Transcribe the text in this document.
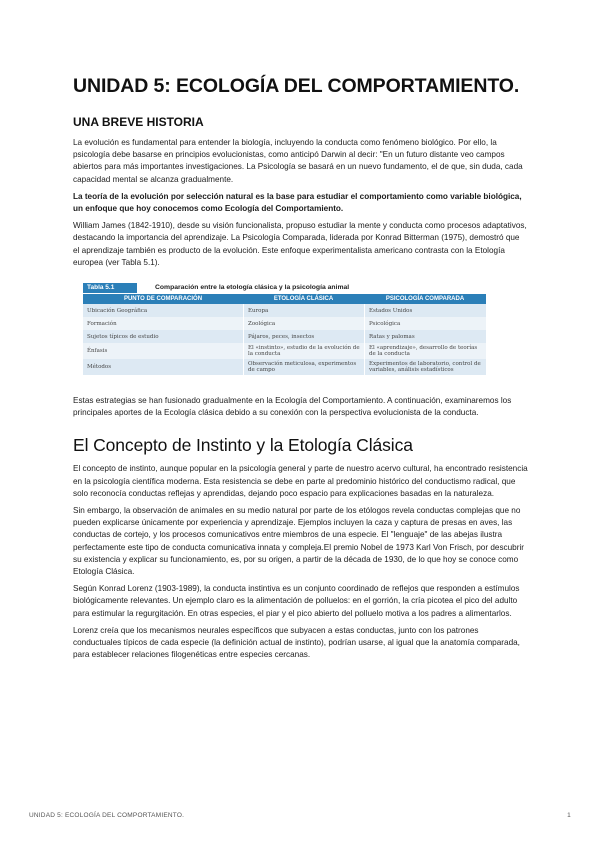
UNIDAD 5: ECOLOGÍA DEL COMPORTAMIENTO.
UNA BREVE HISTORIA

La evolución es fundamental para entender la biología, incluyendo la conducta como fenómeno biológico. Por ello, la psicología debe basarse en principios evolucionistas, como anticipó Darwin al decir: "En un futuro distante veo campos abiertos para más importantes investigaciones. La Psicología se basará en un nuevo fundamento, el de que, sin duda, cada capacidad mental se alcanza gradualmente.

La teoría de la evolución por selección natural es la base para estudiar el comportamiento como variable biológica, un enfoque que hoy conocemos como Ecología del Comportamiento.

William James (1842-1910), desde su visión funcionalista, propuso estudiar la mente y conducta como procesos adaptativos, destacando la importancia del aprendizaje. La Psicología Comparada, liderada por Konrad Bitterman (1975), demostró que el aprendizaje también es producto de la evolución. Este enfoque experimentalista americano contrasta con la Etología europea (ver Tabla 5.1).

Tabla 5.1	Comparación entre la etología clásica y la psicología animal
PUNTO DE COMPARACIÓN	ETOLOGÍA CLÁSICA	PSICOLOGÍA COMPARADA
Ubicación Geográfica	Europa	Estados Unidos
Formación	Zoológica	Psicológica
Sujetos típicos de estudio	Pájaros, peces, insectos	Ratas y palomas
Énfasis	El «instinto», estudio de la evolución de la conducta	El «aprendizaje», desarrollo de teorías de la conducta
Métodos	Observación meticulosa, experimentos de campo	Experimentos de laboratorio, control de variables, análisis estadísticos

Estas estrategias se han fusionado gradualmente en la Ecología del Comportamiento. A continuación, examinaremos los principales aportes de la Ecología clásica debido a su conexión con la perspectiva evolucionista de la conducta.

El Concepto de Instinto y la Etología Clásica

El concepto de instinto, aunque popular en la psicología general y parte de nuestro acervo cultural, ha encontrado resistencia en la psicología científica moderna. Esta resistencia se debe en parte al predominio histórico del conductismo radical, que solo reconocía conductas reflejas y aprendidas, dejando poco espacio para explicaciones basadas en la naturaleza.

Sin embargo, la observación de animales en su medio natural por parte de los etólogos revela conductas complejas que no pueden explicarse únicamente por experiencia y aprendizaje. Ejemplos incluyen la caza y captura de presas en aves, las conductas de cortejo, y los procesos comunicativos entre miembros de una especie. El "lenguaje" de las abejas ilustra perfectamente este tipo de conducta comunicativa innata y compleja.El premio Nobel de 1973 Karl Von Frisch, por descubrir su existencia y explicar su funcionamiento, es, por su origen, a partir de la década de 1930, de lo que hoy se conoce como Etología Clásica.

Según Konrad Lorenz (1903-1989), la conducta instintiva es un conjunto coordinado de reflejos que responden a estímulos biológicamente relevantes. Un ejemplo claro es la alimentación de polluelos: en el gorrión, la cría picotea el pico del adulto para estimular la regurgitación. En otras especies, el piar y el pico abierto del polluelo motiva a los padres a alimentarlos.

Lorenz creía que los mecanismos neurales específicos que subyacen a estas conductas, junto con los patrones conductuales típicos de cada especie (la definición actual de instinto), podrían usarse, al igual que la anatomía comparada, para establecer relaciones filogenéticas entre especies cercanas.

UNIDAD 5: ECOLOGÍA DEL COMPORTAMIENTO.	1
